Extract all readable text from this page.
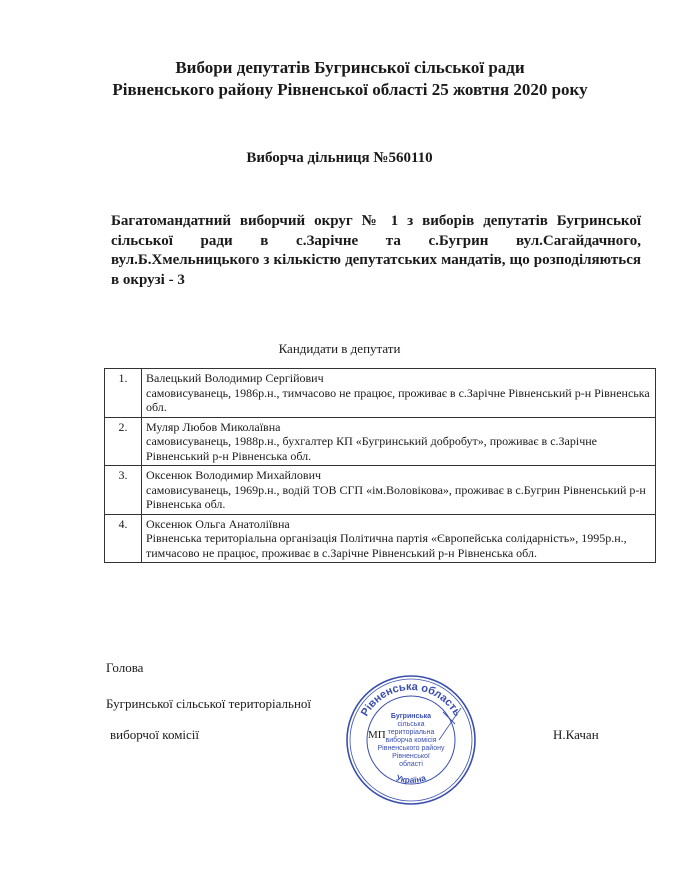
Вибори депутатів Бугринської сільської ради
Рівненського району Рівненської області 25 жовтня 2020 року
Виборча дільниця №560110
Багатомандатний виборчий округ № 1 з виборів депутатів Бугринської сільської ради в с.Зарічне та с.Бугрин вул.Сагайдачного, вул.Б.Хмельницького з кількістю депутатських мандатів, що розподіляються в окрузі - 3
Кандидати в депутати
1.	Валецький Володимир Сергійович
самовисуванець, 1986р.н., тимчасово не працює, проживає в с.Зарічне Рівненський р-н Рівненська обл.

2.	Муляр Любов Миколаївна
самовисуванець, 1988р.н., бухгалтер КП «Бугринський добробут», проживає в с.Зарічне Рівненський р-н Рівненська обл.

3.	Оксенюк Володимир Михайлович
самовисуванець, 1969р.н., водій ТОВ СГП «ім.Воловікова», проживає в с.Бугрин Рівненський р-н Рівненська обл.

4.	Оксенюк Ольга Анатоліївна
Рівненська територіальна організація Політична партія «Європейська солідарність», 1995р.н., тимчасово не працює, проживає в с.Зарічне Рівненський р-н Рівненська обл.
Голова
Бугринської сільської територіальної
виборчої комісії	Н.Качан
Рівненська область
Україна
Бугринська
сільська
територіальна
виборча комісія
Рівненського району
Рівненської
області
МП
